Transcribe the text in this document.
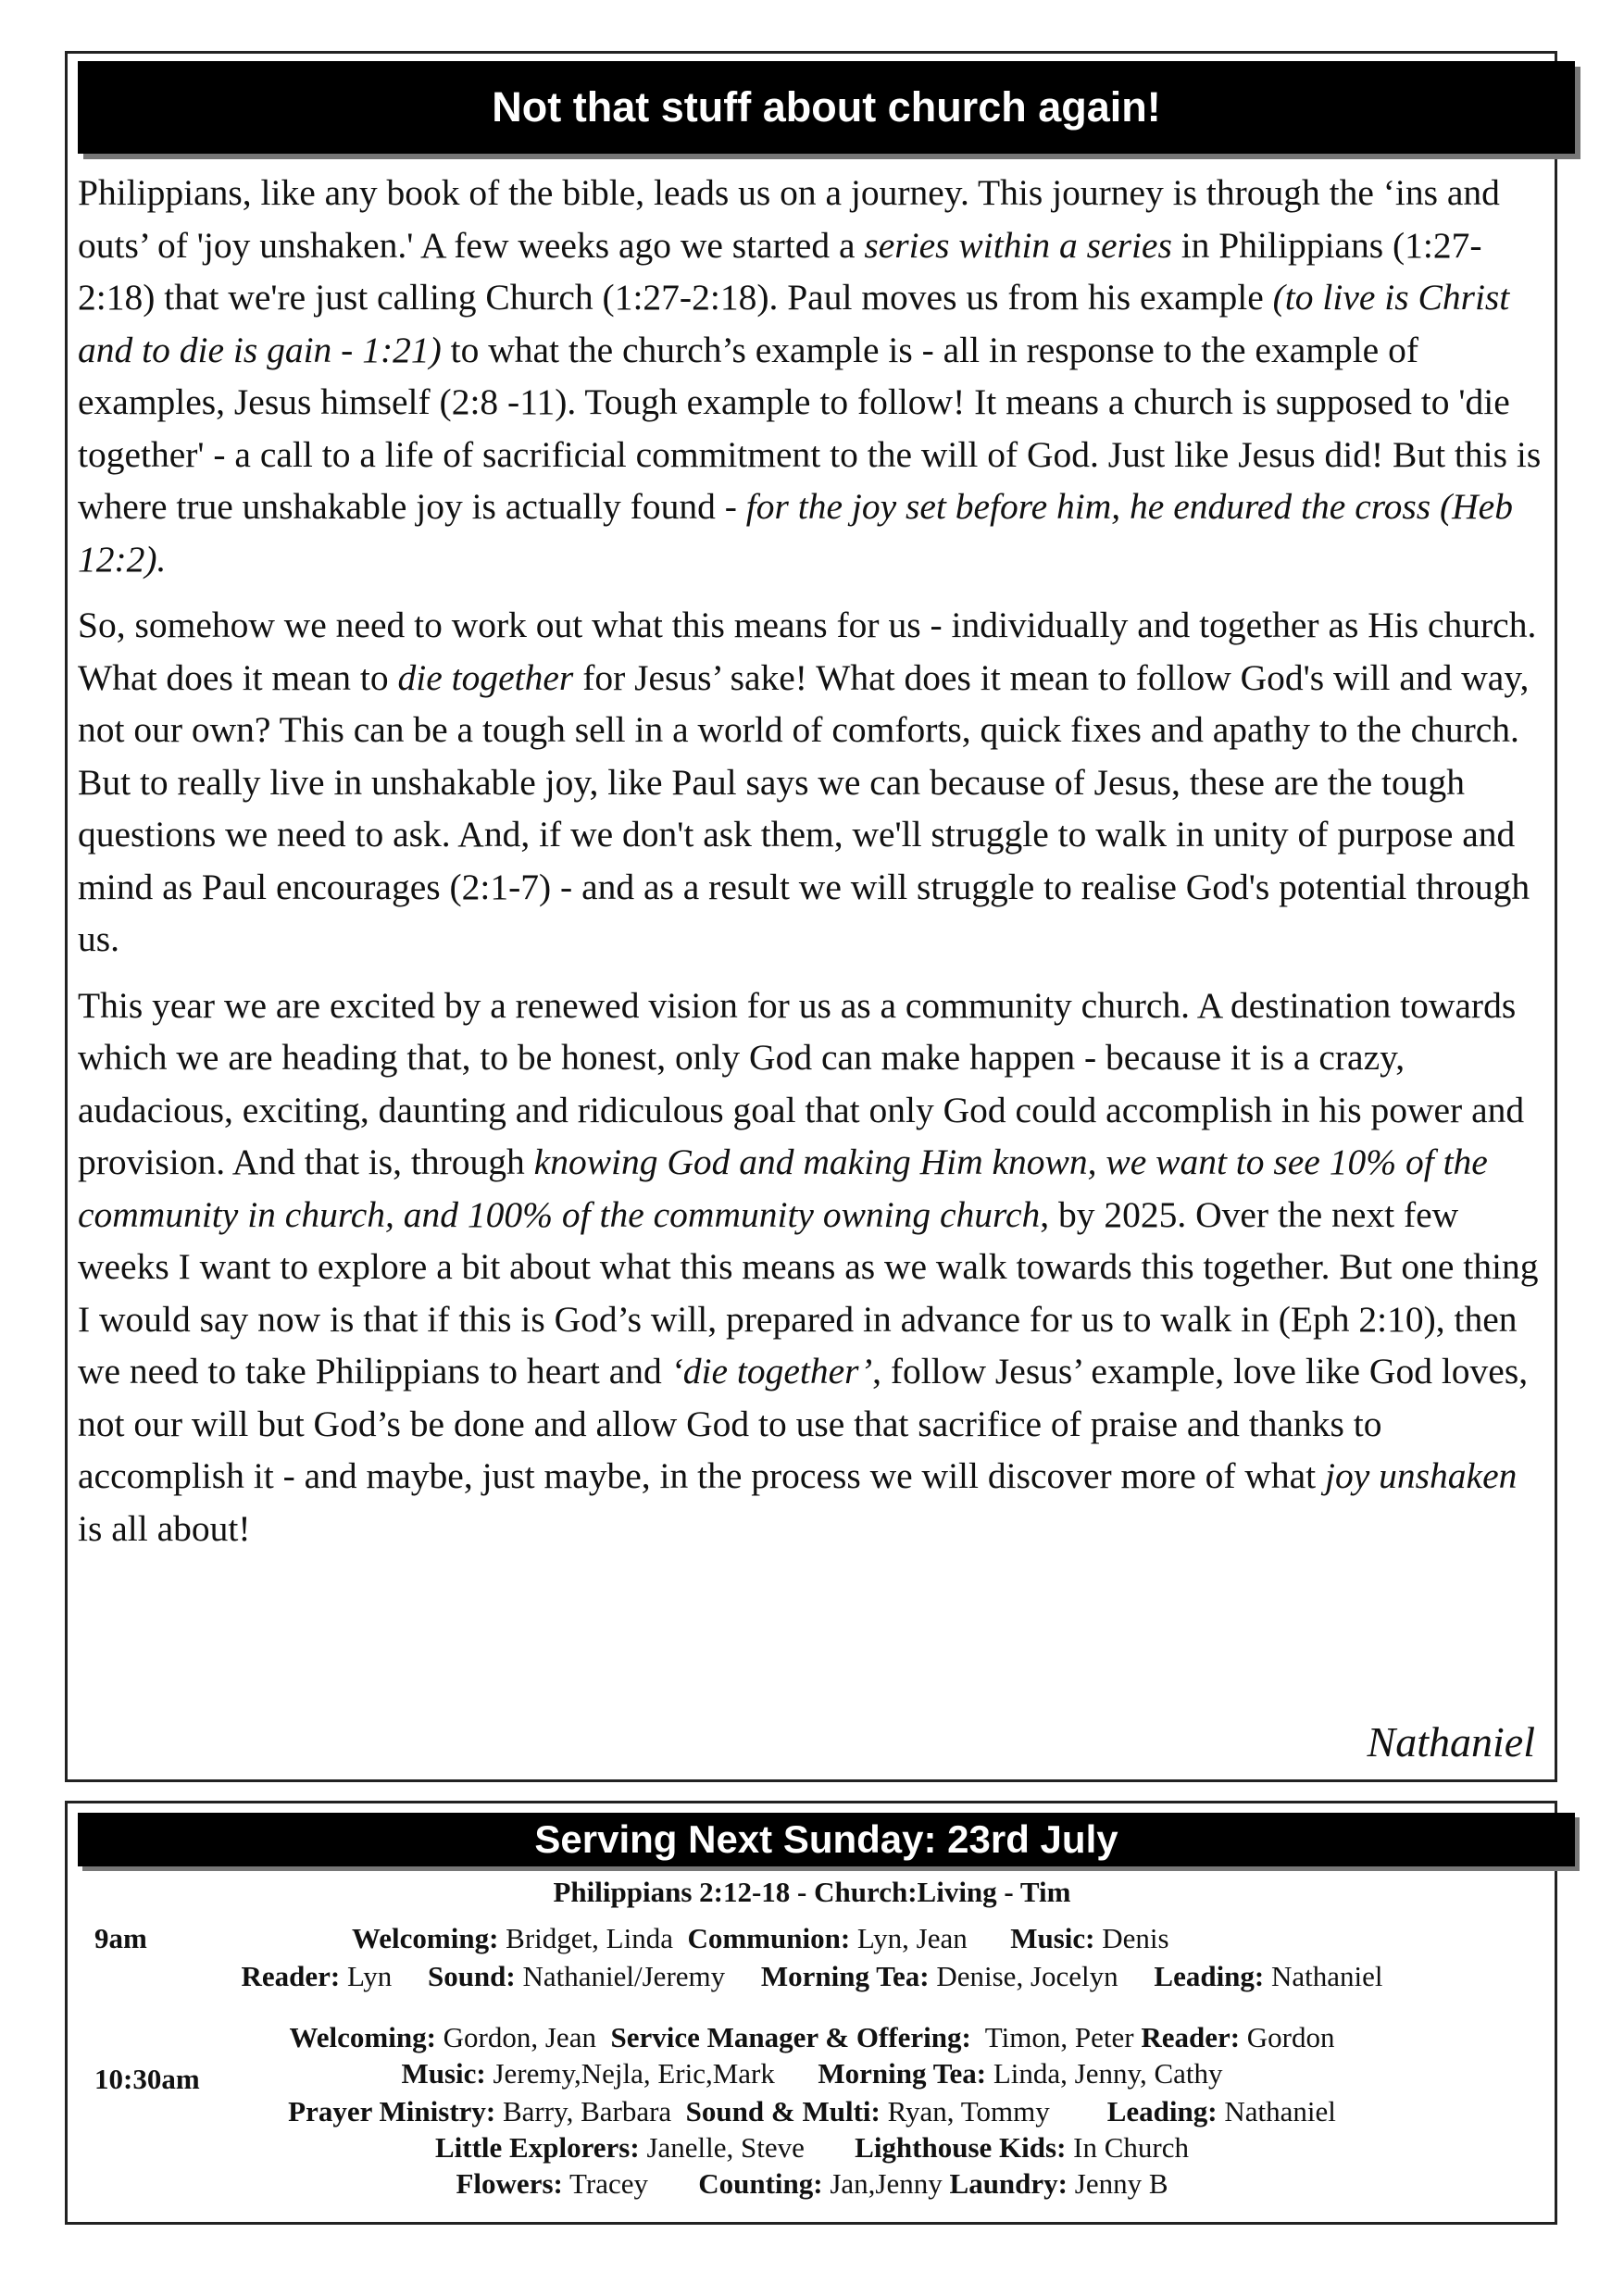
Not that stuff about church again!

Philippians, like any book of the bible, leads us on a journey. This journey is through the ‘ins and outs’ of 'joy unshaken.' A few weeks ago we started a series within a series in Philippians (1:27-2:18) that we're just calling Church (1:27-2:18). Paul moves us from his example (to live is Christ and to die is gain - 1:21) to what the church’s example is - all in response to the example of examples, Jesus himself (2:8 -11). Tough example to follow! It means a church is supposed to 'die together' - a call to a life of sacrificial commitment to the will of God. Just like Jesus did! But this is where true unshakable joy is actually found - for the joy set before him, he endured the cross (Heb 12:2).

So, somehow we need to work out what this means for us - individually and together as His church. What does it mean to die together for Jesus’ sake! What does it mean to follow God's will and way, not our own? This can be a tough sell in a world of comforts, quick fixes and apathy to the church. But to really live in unshakable joy, like Paul says we can because of Jesus, these are the tough questions we need to ask. And, if we don't ask them, we'll struggle to walk in unity of purpose and mind as Paul encourages (2:1-7) - and as a result we will struggle to realise God's potential through us.

This year we are excited by a renewed vision for us as a community church. A destination towards which we are heading that, to be honest, only God can make happen - because it is a crazy, audacious, exciting, daunting and ridiculous goal that only God could accomplish in his power and provision. And that is, through knowing God and making Him known, we want to see 10% of the community in church, and 100% of the community owning church, by 2025. Over the next few weeks I want to explore a bit about what this means as we walk towards this together. But one thing I would say now is that if this is God’s will, prepared in advance for us to walk in (Eph 2:10), then we need to take Philippians to heart and ‘die together’, follow Jesus’ example, love like God loves, not our will but God’s be done and allow God to use that sacrifice of praise and thanks to accomplish it - and maybe, just maybe, in the process we will discover more of what joy unshaken is all about!

Nathaniel
Serving Next Sunday: 23rd July
Philippians 2:12-18 - Church:Living - Tim
9am	Welcoming: Bridget, Linda  Communion: Lyn, Jean      Music: Denis
Reader: Lyn     Sound: Nathaniel/Jeremy     Morning Tea: Denise, Jocelyn     Leading: Nathaniel
10:30am
Welcoming: Gordon, Jean  Service Manager & Offering:  Timon, Peter Reader: Gordon
Music: Jeremy,Nejla, Eric,Mark      Morning Tea: Linda, Jenny, Cathy
Prayer Ministry: Barry, Barbara  Sound & Multi: Ryan, Tommy        Leading: Nathaniel
Little Explorers: Janelle, Steve       Lighthouse Kids: In Church
Flowers: Tracey       Counting: Jan,Jenny Laundry: Jenny B
